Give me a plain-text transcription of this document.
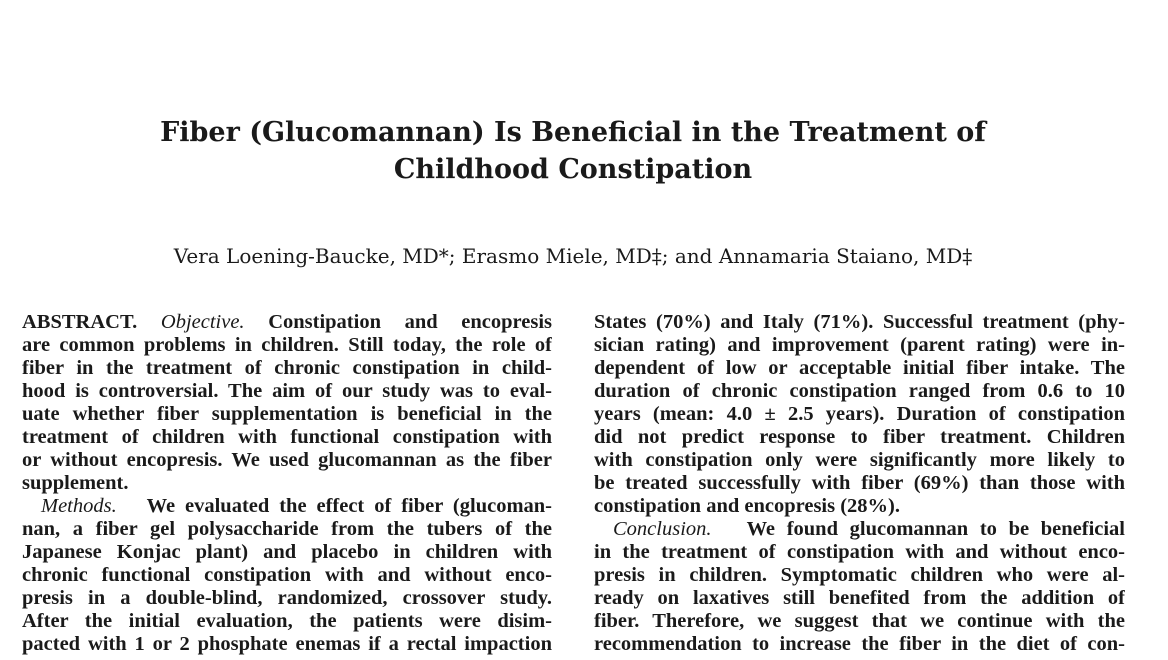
Fiber (Glucomannan) Is Beneficial in the Treatment of
Childhood Constipation
Vera Loening-Baucke, MD*; Erasmo Miele, MD‡; and Annamaria Staiano, MD‡
ABSTRACT. Objective. Constipation and encopresis
are common problems in children. Still today, the role of
fiber in the treatment of chronic constipation in child-
hood is controversial. The aim of our study was to eval-
uate whether fiber supplementation is beneficial in the
treatment of children with functional constipation with
or without encopresis. We used glucomannan as the fiber
supplement.
Methods. We evaluated the effect of fiber (glucoman-
nan, a fiber gel polysaccharide from the tubers of the
Japanese Konjac plant) and placebo in children with
chronic functional constipation with and without enco-
presis in a double-blind, randomized, crossover study.
After the initial evaluation, the patients were disim-
pacted with 1 or 2 phosphate enemas if a rectal impaction
States (70%) and Italy (71%). Successful treatment (phy-
sician rating) and improvement (parent rating) were in-
dependent of low or acceptable initial fiber intake. The
duration of chronic constipation ranged from 0.6 to 10
years (mean: 4.0 ± 2.5 years). Duration of constipation
did not predict response to fiber treatment. Children
with constipation only were significantly more likely to
be treated successfully with fiber (69%) than those with
constipation and encopresis (28%).
Conclusion. We found glucomannan to be beneficial
in the treatment of constipation with and without enco-
presis in children. Symptomatic children who were al-
ready on laxatives still benefited from the addition of
fiber. Therefore, we suggest that we continue with the
recommendation to increase the fiber in the diet of con-
